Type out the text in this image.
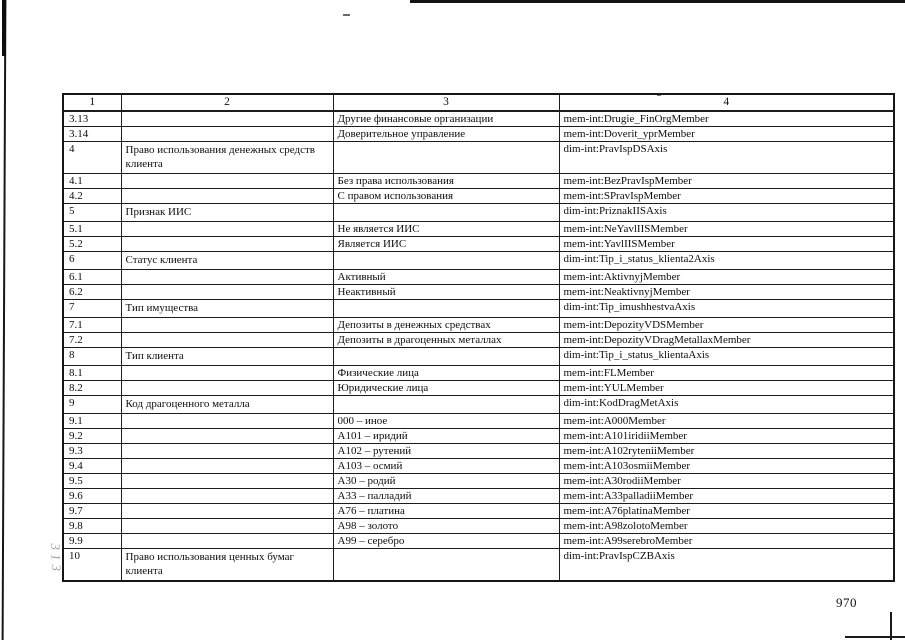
313
1	2	3	4
3.13		Другие финансовые организации	mem-int:Drugie_FinOrgMember
3.14		Доверительное управление	mem-int:Doverit_yprMember
4	Право использования денежных средств клиента		dim-int:PravIspDSAxis
4.1		Без права использования	mem-int:BezPravIspMember
4.2		С правом использования	mem-int:SPravIspMember
5	Признак ИИС		dim-int:PriznakIISAxis
5.1		Не является ИИС	mem-int:NeYavlIISMember
5.2		Является ИИС	mem-int:YavlIISMember
6	Статус клиента		dim-int:Tip_i_status_klienta2Axis
6.1		Активный	mem-int:AktivnyjMember
6.2		Неактивный	mem-int:NeaktivnyjMember
7	Тип имущества		dim-int:Tip_imushhestvaAxis
7.1		Депозиты в денежных средствах	mem-int:DepozityVDSMember
7.2		Депозиты в драгоценных металлах	mem-int:DepozityVDragMetallaxMember
8	Тип клиента		dim-int:Tip_i_status_klientaAxis
8.1		Физические лица	mem-int:FLMember
8.2		Юридические лица	mem-int:YULMember
9	Код драгоценного металла		dim-int:KodDragMetAxis
9.1		000 – иное	mem-int:A000Member
9.2		A101 – иридий	mem-int:A101iridiiMember
9.3		A102 – рутений	mem-int:A102ryteniiMember
9.4		A103 – осмий	mem-int:A103osmiiMember
9.5		A30 – родий	mem-int:A30rodiiMember
9.6		A33 – палладий	mem-int:A33palladiiMember
9.7		A76 – платина	mem-int:A76platinaMember
9.8		A98 – золото	mem-int:A98zolotoMember
9.9		A99 – серебро	mem-int:A99serebroMember
10	Право использования ценных бумаг клиента		dim-int:PravIspCZBAxis
970
